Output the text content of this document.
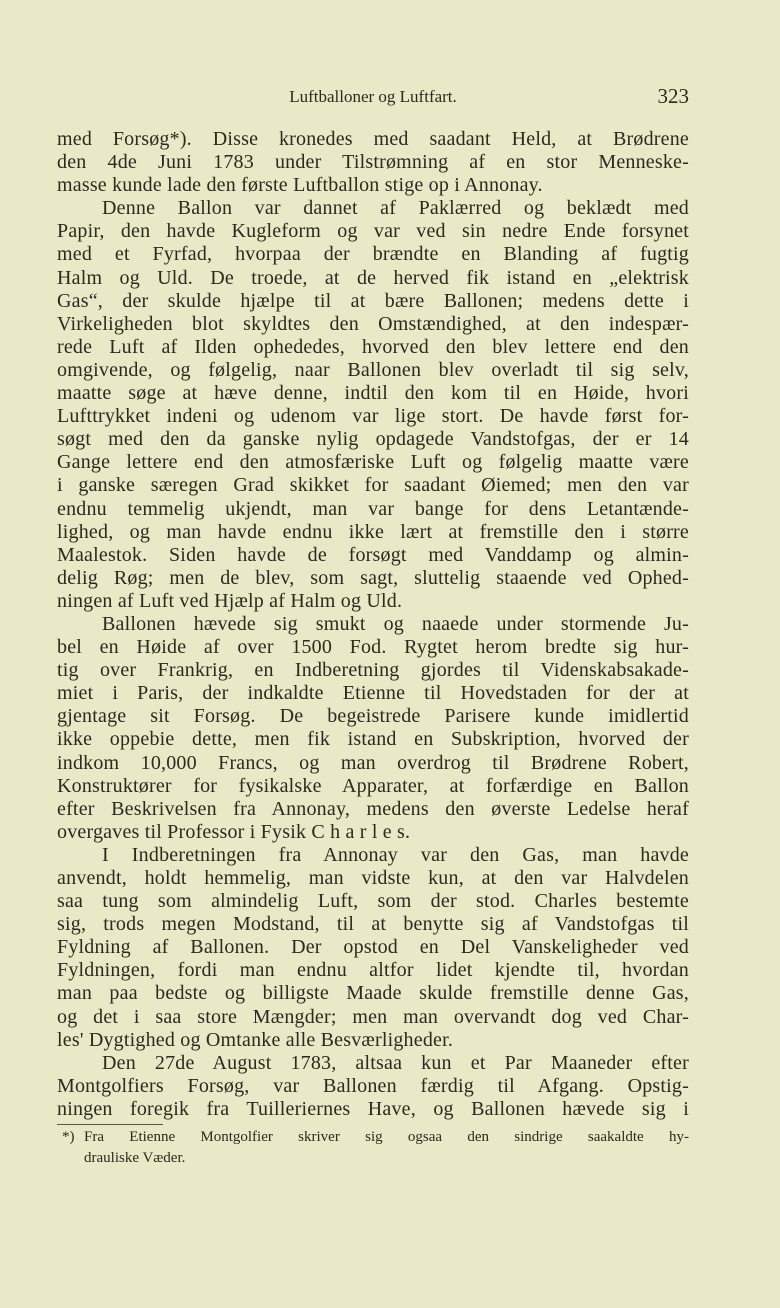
Luftballoner og Luftfart.	323
med Forsøg*). Disse kronedes med saadant Held, at Brødrene
den 4de Juni 1783 under Tilstrømning af en stor Menneske-
masse kunde lade den første Luftballon stige op i Annonay.
Denne Ballon var dannet af Paklærred og beklædt med
Papir, den havde Kugleform og var ved sin nedre Ende forsynet
med et Fyrfad, hvorpaa der brændte en Blanding af fugtig
Halm og Uld. De troede, at de herved fik istand en „elektrisk
Gas“, der skulde hjælpe til at bære Ballonen; medens dette i
Virkeligheden blot skyldtes den Omstændighed, at den indespær-
rede Luft af Ilden ophededes, hvorved den blev lettere end den
omgivende, og følgelig, naar Ballonen blev overladt til sig selv,
maatte søge at hæve denne, indtil den kom til en Høide, hvori
Lufttrykket indeni og udenom var lige stort. De havde først for-
søgt med den da ganske nylig opdagede Vandstofgas, der er 14
Gange lettere end den atmosfæriske Luft og følgelig maatte være
i ganske særegen Grad skikket for saadant Øiemed; men den var
endnu temmelig ukjendt, man var bange for dens Letantænde-
lighed, og man havde endnu ikke lært at fremstille den i større
Maalestok. Siden havde de forsøgt med Vanddamp og almin-
delig Røg; men de blev, som sagt, sluttelig staaende ved Ophed-
ningen af Luft ved Hjælp af Halm og Uld.
Ballonen hævede sig smukt og naaede under stormende Ju-
bel en Høide af over 1500 Fod. Rygtet herom bredte sig hur-
tig over Frankrig, en Indberetning gjordes til Videnskabsakade-
miet i Paris, der indkaldte Etienne til Hovedstaden for der at
gjentage sit Forsøg. De begeistrede Parisere kunde imidlertid
ikke oppebie dette, men fik istand en Subskription, hvorved der
indkom 10,000 Francs, og man overdrog til Brødrene Robert,
Konstruktører for fysikalske Apparater, at forfærdige en Ballon
efter Beskrivelsen fra Annonay, medens den øverste Ledelse heraf
overgaves til Professor i Fysik C h a r l e s.
I Indberetningen fra Annonay var den Gas, man havde
anvendt, holdt hemmelig, man vidste kun, at den var Halvdelen
saa tung som almindelig Luft, som der stod. Charles bestemte
sig, trods megen Modstand, til at benytte sig af Vandstofgas til
Fyldning af Ballonen. Der opstod en Del Vanskeligheder ved
Fyldningen, fordi man endnu altfor lidet kjendte til, hvordan
man paa bedste og billigste Maade skulde fremstille denne Gas,
og det i saa store Mængder; men man overvandt dog ved Char-
les' Dygtighed og Omtanke alle Besværligheder.
Den 27de August 1783, altsaa kun et Par Maaneder efter
Montgolfiers Forsøg, var Ballonen færdig til Afgang. Opstig-
ningen foregik fra Tuilleriernes Have, og Ballonen hævede sig i
*) Fra Etienne Montgolfier skriver sig ogsaa den sindrige saakaldte hy-
drauliske Væder.
